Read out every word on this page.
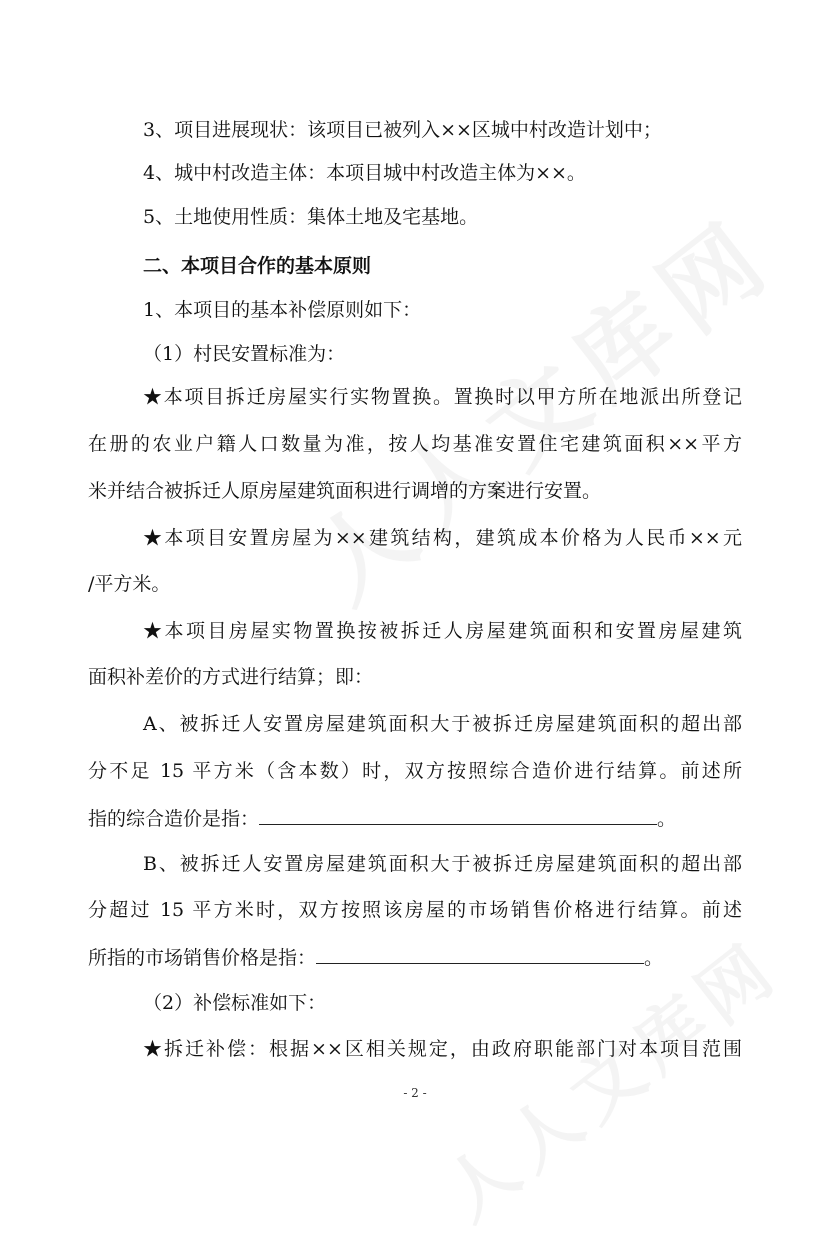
3、项目进展现状：该项目已被列入××区城中村改造计划中；
4、城中村改造主体：本项目城中村改造主体为××。
5、土地使用性质：集体土地及宅基地。
二、本项目合作的基本原则
1、本项目的基本补偿原则如下：
（1）村民安置标准为：
★本项目拆迁房屋实行实物置换。置换时以甲方所在地派出所登记
在册的农业户籍人口数量为准，按人均基准安置住宅建筑面积××平方
米并结合被拆迁人原房屋建筑面积进行调增的方案进行安置。
★本项目安置房屋为××建筑结构，建筑成本价格为人民币××元
/平方米。
★本项目房屋实物置换按被拆迁人房屋建筑面积和安置房屋建筑
面积补差价的方式进行结算；即：
A、被拆迁人安置房屋建筑面积大于被拆迁房屋建筑面积的超出部
分不足 15 平方米（含本数）时，双方按照综合造价进行结算。前述所
指的综合造价是指：	。
B、被拆迁人安置房屋建筑面积大于被拆迁房屋建筑面积的超出部
分超过 15 平方米时，双方按照该房屋的市场销售价格进行结算。前述
所指的市场销售价格是指：	。
（2）补偿标准如下：
★拆迁补偿：根据××区相关规定，由政府职能部门对本项目范围
- 2 -
